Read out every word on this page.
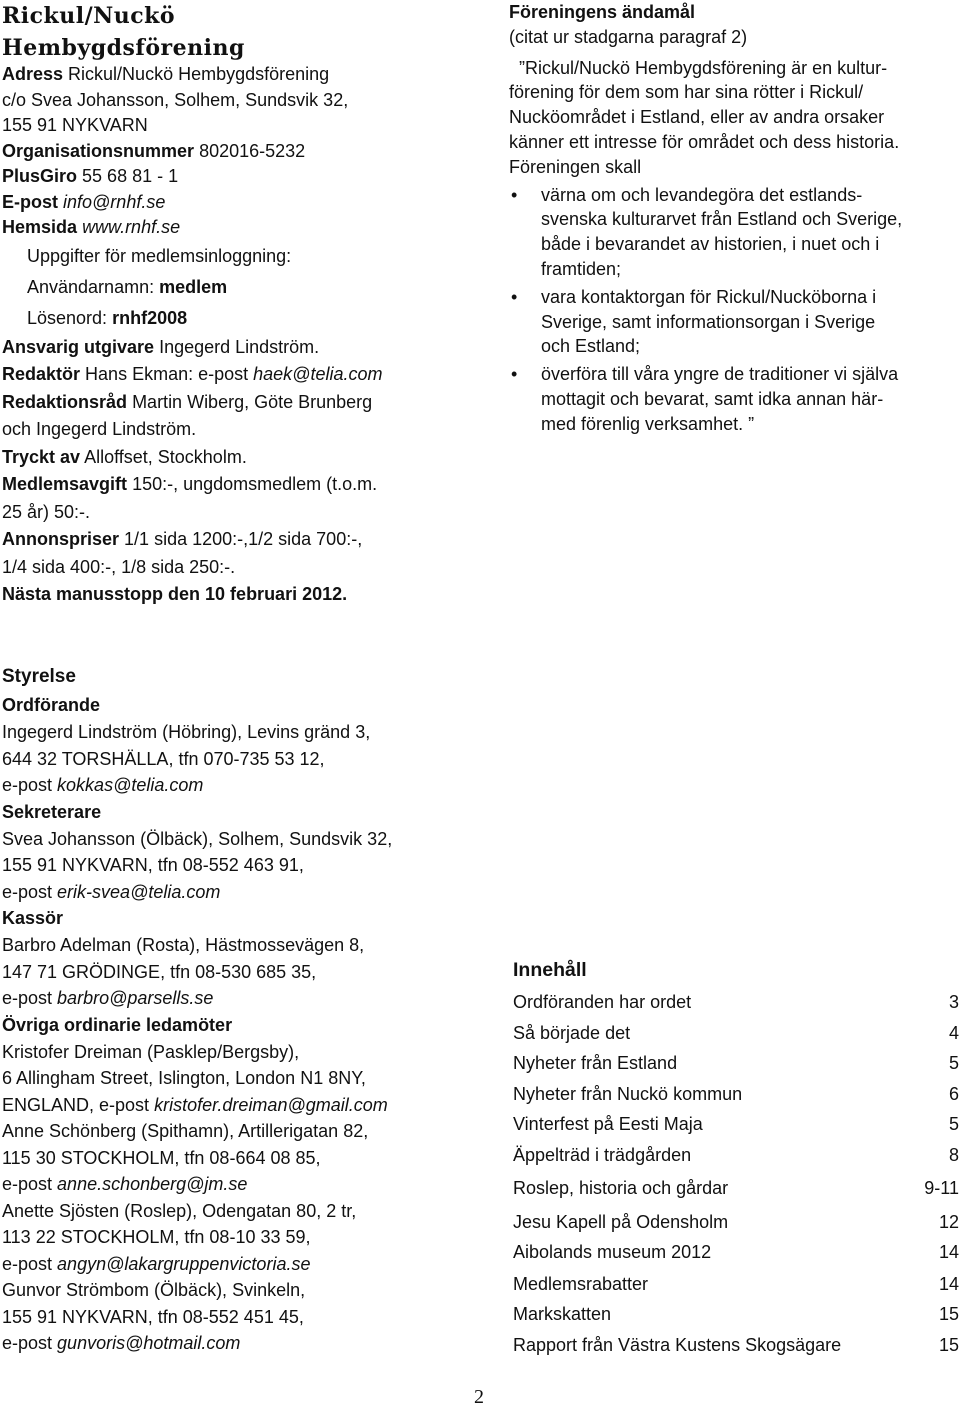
Rickul/Nuckö
Hembygdsförening
Adress Rickul/Nuckö Hembygdsförening
c/o Svea Johansson, Solhem, Sundsvik 32,
155 91 NYKVARN
Organisationsnummer 802016-5232
PlusGiro 55 68 81 - 1
E-post info@rnhf.se
Hemsida www.rnhf.se
Uppgifter för medlemsinloggning:
Användarnamn: medlem
Lösenord: rnhf2008
Ansvarig utgivare Ingegerd Lindström.
Redaktör Hans Ekman: e-post haek@telia.com
Redaktionsråd Martin Wiberg, Göte Brunberg
och Ingegerd Lindström.
Tryckt av Alloffset, Stockholm.
Medlemsavgift 150:-, ungdomsmedlem (t.o.m.
25 år) 50:-.
Annonspriser 1/1 sida 1200:-,1/2 sida 700:-,
1/4 sida 400:-, 1/8 sida 250:-.
Nästa manusstopp den 10 februari 2012.
Styrelse
Ordförande
Ingegerd Lindström (Höbring), Levins gränd 3,
644 32 TORSHÄLLA, tfn 070-735 53 12,
e-post kokkas@telia.com
Sekreterare
Svea Johansson (Ölbäck), Solhem, Sundsvik 32,
155 91 NYKVARN, tfn 08-552 463 91,
e-post erik-svea@telia.com
Kassör
Barbro Adelman (Rosta), Hästmossevägen 8,
147 71 GRÖDINGE, tfn 08-530 685 35,
e-post barbro@parsells.se
Övriga ordinarie ledamöter
Kristofer Dreiman (Pasklep/Bergsby),
6 Allingham Street, Islington, London N1 8NY,
ENGLAND, e-post kristofer.dreiman@gmail.com
Anne Schönberg (Spithamn), Artillerigatan 82,
115 30 STOCKHOLM, tfn 08-664 08 85,
e-post anne.schonberg@jm.se
Anette Sjösten (Roslep), Odengatan 80, 2 tr,
113 22 STOCKHOLM, tfn 08-10 33 59,
e-post angyn@lakargruppenvictoria.se
Gunvor Strömbom (Ölbäck), Svinkeln,
155 91 NYKVARN, tfn 08-552 451 45,
e-post gunvoris@hotmail.com
Föreningens ändamål
(citat ur stadgarna paragraf 2)
”Rickul/Nuckö Hembygdsförening är en kultur-
förening för dem som har sina rötter i Rickul/
Nucköområdet i Estland, eller av andra orsaker
känner ett intresse för området och dess historia.
Föreningen skall
• värna om och levandegöra det estlands-
svenska kulturarvet från Estland och Sverige,
både i bevarandet av historien, i nuet och i
framtiden;
• vara kontaktorgan för Rickul/Nucköborna i
Sverige, samt informationsorgan i Sverige
och Estland;
• överföra till våra yngre de traditioner vi själva
mottagit och bevarat, samt idka annan här-
med förenlig verksamhet. ”
Innehåll
Ordföranden har ordet	3
Så började det	4
Nyheter från Estland	5
Nyheter från Nuckö kommun	6
Vinterfest på Eesti Maja	5
Äppelträd i trädgården	8
Roslep, historia och gårdar	9-11
Jesu Kapell på Odensholm	12
Aibolands museum 2012	14
Medlemsrabatter	14
Markskatten	15
Rapport från Västra Kustens Skogsägare	15
2
